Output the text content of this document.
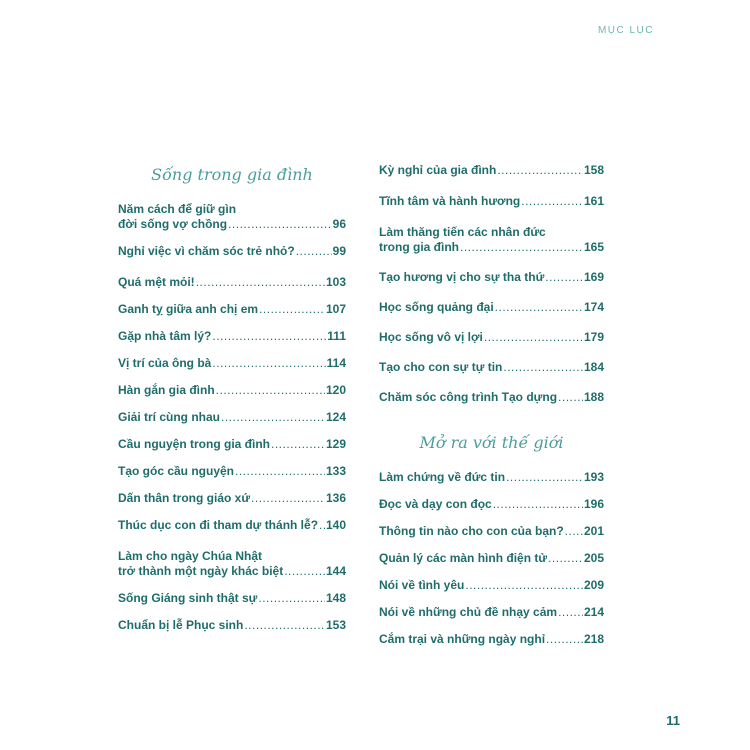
MỤC LỤC
Sống trong gia đình
Năm cách để giữ gìn
đời sống vợ chồng .....	96
Nghỉ việc vì chăm sóc trẻ nhỏ? .....	99
Quá mệt mỏi! .....	103
Ganh tỵ giữa anh chị em .....	107
Gặp nhà tâm lý? .....	111
Vị trí của ông bà .....	114
Hàn gắn gia đình .....	120
Giải trí cùng nhau .....	124
Cầu nguyện trong gia đình .....	129
Tạo góc cầu nguyện .....	133
Dấn thân trong giáo xứ .....	136
Thúc dục con đi tham dự thánh lễ? ..... 140
Làm cho ngày Chúa Nhật
trở thành một ngày khác biệt .....	144
Sống Giáng sinh thật sự .....	148
Chuẩn bị lễ Phục sinh .....	153
Kỳ nghỉ của gia đình .....	158
Tĩnh tâm và hành hương .....	161
Làm thăng tiến các nhân đức
trong gia đình .....	165
Tạo hương vị cho sự tha thứ .....	169
Học sống quảng đại .....	174
Học sống vô vị lợi .....	179
Tạo cho con sự tự tin .....	184
Chăm sóc công trình Tạo dựng ..... 188
Mở ra với thế giới
Làm chứng về đức tin .....	193
Đọc và dạy con đọc .....	196
Thông tin nào cho con của bạn? ..... 201
Quản lý các màn hình điện tử .....	205
Nói về tình yêu .....	209
Nói về những chủ đề nhạy cảm ..... 214
Cắm trại và những ngày nghỉ .....	218
11
